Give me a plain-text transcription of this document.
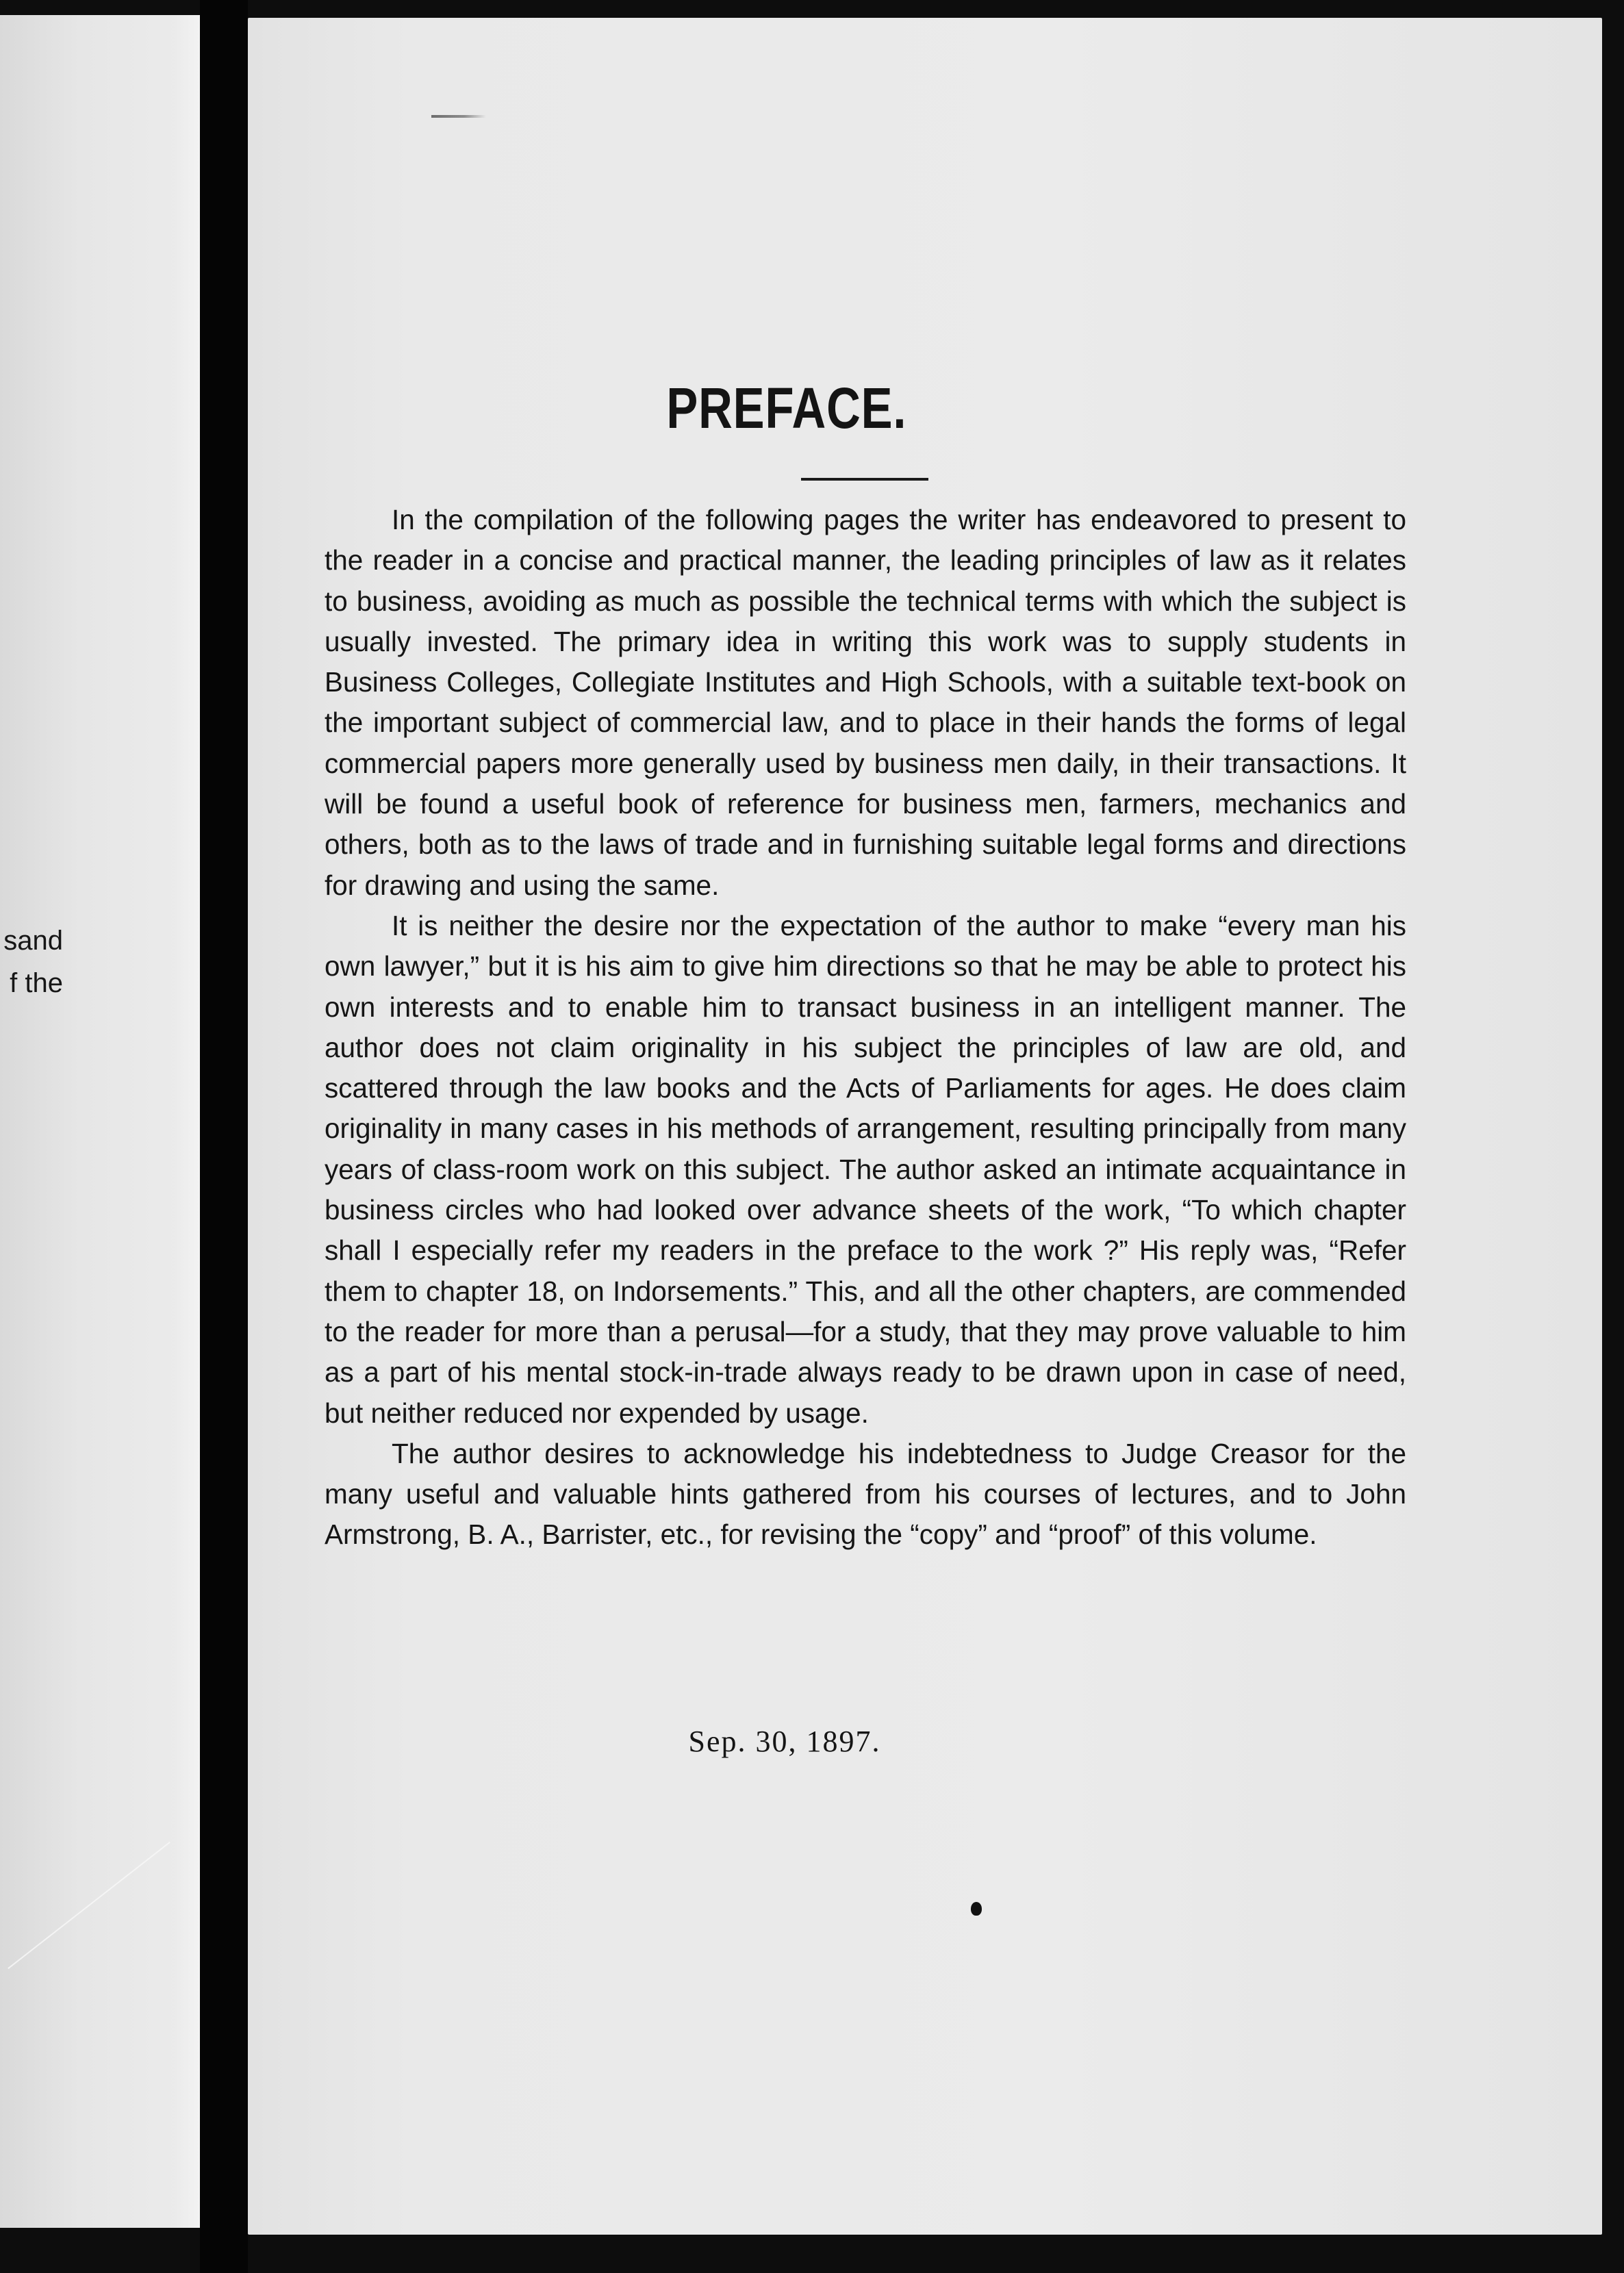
sand
f the
PREFACE.

In the compilation of the following pages the writer has endeavored to present to the reader in a concise and practical manner, the leading principles of law as it relates to business, avoiding as much as possible the technical terms with which the subject is usually invested. The primary idea in writing this work was to supply students in Business Colleges, Collegiate Institutes and High Schools, with a suitable text-book on the important subject of commercial law, and to place in their hands the forms of legal commercial papers more generally used by business men daily, in their transactions. It will be found a useful book of reference for business men, farmers, mechanics and others, both as to the laws of trade and in furnishing suitable legal forms and directions for drawing and using the same.

It is neither the desire nor the expectation of the author to make “every man his own lawyer,” but it is his aim to give him directions so that he may be able to protect his own interests and to enable him to transact business in an intelligent manner. The author does not claim originality in his subject the principles of law are old, and scattered through the law books and the Acts of Parliaments for ages. He does claim originality in many cases in his methods of arrangement, resulting principally from many years of class-room work on this subject. The author asked an intimate acquaintance in business circles who had looked over advance sheets of the work, “To which chapter shall I especially refer my readers in the preface to the work ?” His reply was, “Refer them to chapter 18, on Indorsements.” This, and all the other chapters, are commended to the reader for more than a perusal—for a study, that they may prove valuable to him as a part of his mental stock-in-trade always ready to be drawn upon in case of need, but neither reduced nor expended by usage.

The author desires to acknowledge his indebtedness to Judge Creasor for the many useful and valuable hints gathered from his courses of lectures, and to John Armstrong, B. A., Barrister, etc., for revising the “copy” and “proof” of this volume.

Sep. 30, 1897.
